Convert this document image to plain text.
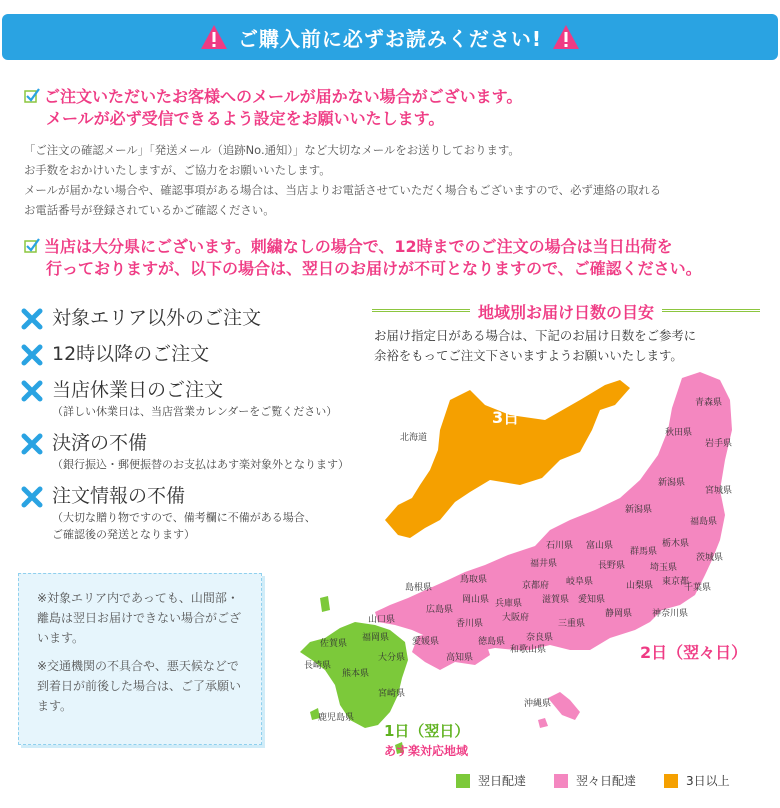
ご購入前に必ずお読みください!
ご注文いただいたお客様へのメールが届かない場合がございます。
メールが必ず受信できるよう設定をお願いいたします。
「ご注文の確認メール」「発送メール（追跡No.通知）」など大切なメールをお送りしております。
お手数をおかけいたしますが、ご協力をお願いいたします。
メールが届かない場合や、確認事項がある場合は、当店よりお電話させていただく場合もございますので、必ず連絡の取れる
お電話番号が登録されているかご確認ください。
当店は大分県にございます。刺繍なしの場合で、12時までのご注文の場合は当日出荷を
行っておりますが、以下の場合は、翌日のお届けが不可となりますので、ご確認ください。
対象エリア以外のご注文
12時以降のご注文
当店休業日のご注文
（詳しい休業日は、当店営業カレンダーをご覧ください）
決済の不備
（銀行振込・郵便振替のお支払はあす楽対象外となります）
注文情報の不備
（大切な贈り物ですので、備考欄に不備がある場合、
ご確認後の発送となります）

※対象エリア内であっても、山間部・離島は翌日お届けできない場合がございます。

※交通機関の不具合や、悪天候などで到着日が前後した場合は、ご了承願います。

地域別お届け日数の目安
お届け指定日がある場合は、下記のお届け日数をご参考に
余裕をもってご注文下さいますようお願いいたします。
北海道
青森県
秋田県
岩手県
新潟県
宮城県
新潟県
福島県
石川県 富山県	栃木県
群馬県
茨城県
長野県
福井県	埼玉県
島根県
鳥取県
京都府 岐阜県	山梨県 東京都
千葉県
岡山県 兵庫県 滋賀県 愛知県
広島県	静岡県 神奈川県
山口県	大阪府
香川県	三重県
福岡県	愛媛県
佐賀県	徳島県 奈良県
大分県	高知県
和歌山県
長崎県
熊本県
宮崎県
沖縄県
鹿児島県
3日
2日（翌々日）
1日（翌日）
あす楽対応地域
翌日配達	翌々日配達	3日以上
